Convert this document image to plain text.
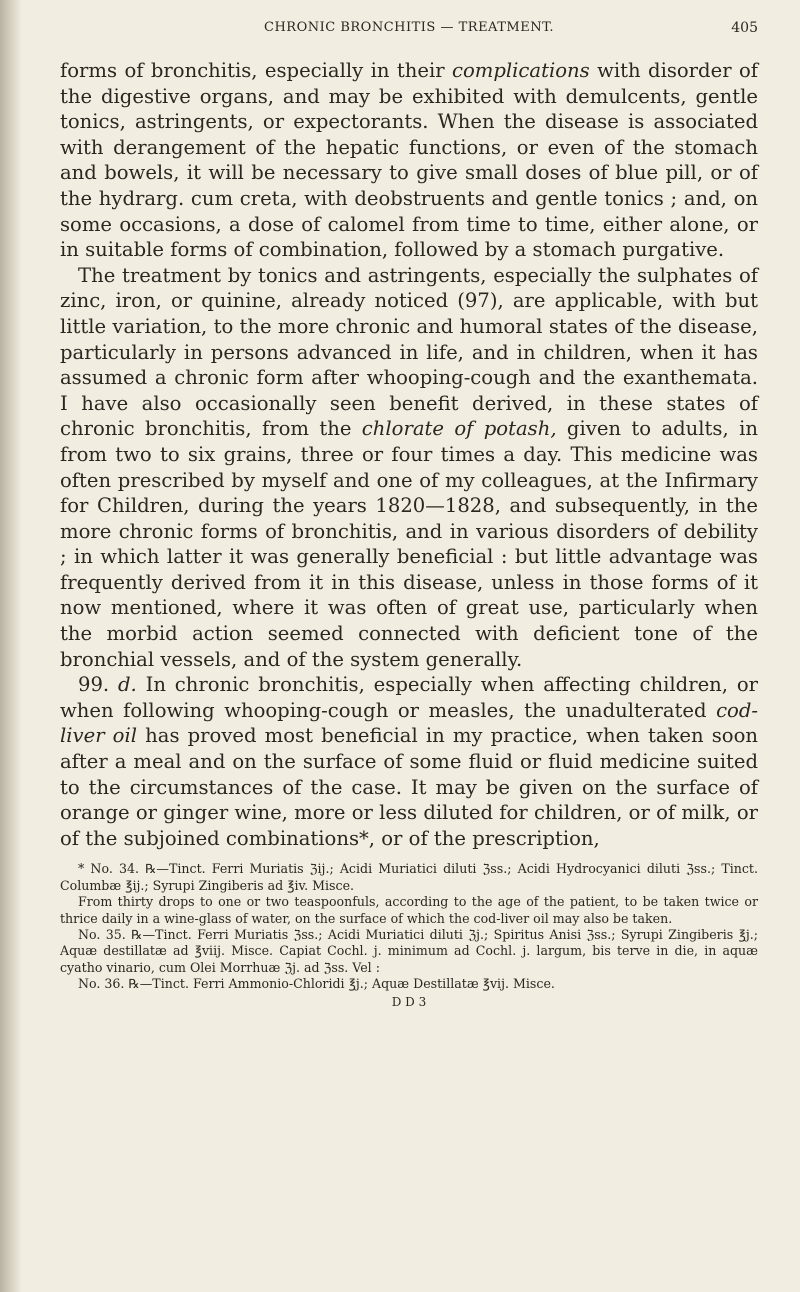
CHRONIC BRONCHITIS — TREATMENT.	405

forms of bronchitis, especially in their complications with disorder of the digestive organs, and may be exhibited with demulcents, gentle tonics, astringents, or expectorants. When the disease is associated with derangement of the hepatic functions, or even of the stomach and bowels, it will be necessary to give small doses of blue pill, or of the hydrarg. cum creta, with deobstruents and gentle tonics ; and, on some occasions, a dose of calomel from time to time, either alone, or in suitable forms of combination, followed by a stomach purgative.

The treatment by tonics and astringents, especially the sulphates of zinc, iron, or quinine, already noticed (97), are applicable, with but little variation, to the more chronic and humoral states of the disease, particularly in persons advanced in life, and in children, when it has assumed a chronic form after whooping-cough and the exanthemata. I have also occasionally seen benefit derived, in these states of chronic bronchitis, from the chlorate of potash, given to adults, in from two to six grains, three or four times a day. This medicine was often prescribed by myself and one of my colleagues, at the Infirmary for Children, during the years 1820—1828, and subsequently, in the more chronic forms of bronchitis, and in various disorders of debility ; in which latter it was generally beneficial : but little advantage was frequently derived from it in this disease, unless in those forms of it now mentioned, where it was often of great use, particularly when the morbid action seemed connected with deficient tone of the bronchial vessels, and of the system generally.

99. d. In chronic bronchitis, especially when affecting children, or when following whooping-cough or measles, the unadulterated cod-liver oil has proved most beneficial in my practice, when taken soon after a meal and on the surface of some fluid or fluid medicine suited to the circumstances of the case. It may be given on the surface of orange or ginger wine, more or less diluted for children, or of milk, or of the subjoined combinations*, or of the prescription,

* No. 34. ℞—Tinct. Ferri Muriatis ℨij.; Acidi Muriatici diluti ℨss.; Acidi Hydrocyanici diluti ℨss.; Tinct. Columbæ ℥ij.; Syrupi Zingiberis ad ℥iv. Misce.

From thirty drops to one or two teaspoonfuls, according to the age of the patient, to be taken twice or thrice daily in a wine-glass of water, on the surface of which the cod-liver oil may also be taken.

No. 35. ℞—Tinct. Ferri Muriatis ℨss.; Acidi Muriatici diluti ℨj.; Spiritus Anisi ℨss.; Syrupi Zingiberis ℥j.; Aquæ destillatæ ad ℥viij. Misce. Capiat Cochl. j. minimum ad Cochl. j. largum, bis terve in die, in aquæ cyatho vinario, cum Olei Morrhuæ ℨj. ad ℨss. Vel :

No. 36. ℞—Tinct. Ferri Ammonio-Chloridi ℥j.; Aquæ Destillatæ ℥vij. Misce.

D D 3
